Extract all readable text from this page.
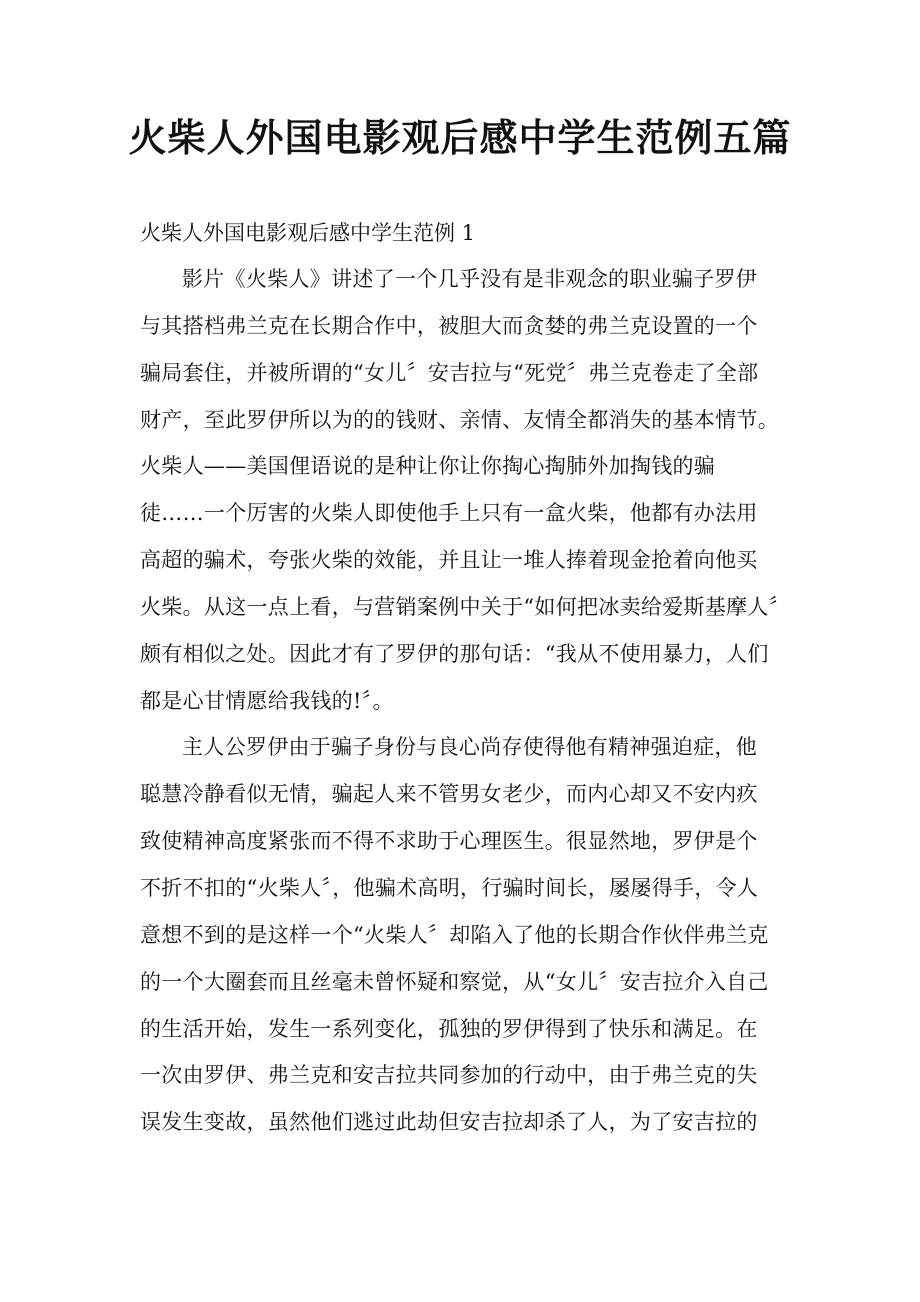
火柴人外国电影观后感中学生范例五篇

火柴人外国电影观后感中学生范例 1

影片《火柴人》讲述了一个几乎没有是非观念的职业骗子罗伊
与其搭档弗兰克在长期合作中，被胆大而贪婪的弗兰克设置的一个
骗局套住，并被所谓的“女儿〞安吉拉与“死党〞弗兰克卷走了全部
财产，至此罗伊所以为的的钱财、亲情、友情全都消失的基本情节。
火柴人——美国俚语说的是种让你让你掏心掏肺外加掏钱的骗
徒……一个厉害的火柴人即使他手上只有一盒火柴，他都有办法用
高超的骗术，夸张火柴的效能，并且让一堆人捧着现金抢着向他买
火柴。从这一点上看，与营销案例中关于“如何把冰卖给爱斯基摩人〞
颇有相似之处。因此才有了罗伊的那句话：“我从不使用暴力，人们
都是心甘情愿给我钱的!〞。
主人公罗伊由于骗子身份与良心尚存使得他有精神强迫症，他
聪慧冷静看似无情，骗起人来不管男女老少，而内心却又不安内疚
致使精神高度紧张而不得不求助于心理医生。很显然地，罗伊是个
不折不扣的“火柴人〞，他骗术高明，行骗时间长，屡屡得手，令人
意想不到的是这样一个“火柴人〞却陷入了他的长期合作伙伴弗兰克
的一个大圈套而且丝毫未曾怀疑和察觉，从“女儿〞安吉拉介入自己
的生活开始，发生一系列变化，孤独的罗伊得到了快乐和满足。在
一次由罗伊、弗兰克和安吉拉共同参加的行动中，由于弗兰克的失
误发生变故，虽然他们逃过此劫但安吉拉却杀了人，为了安吉拉的
